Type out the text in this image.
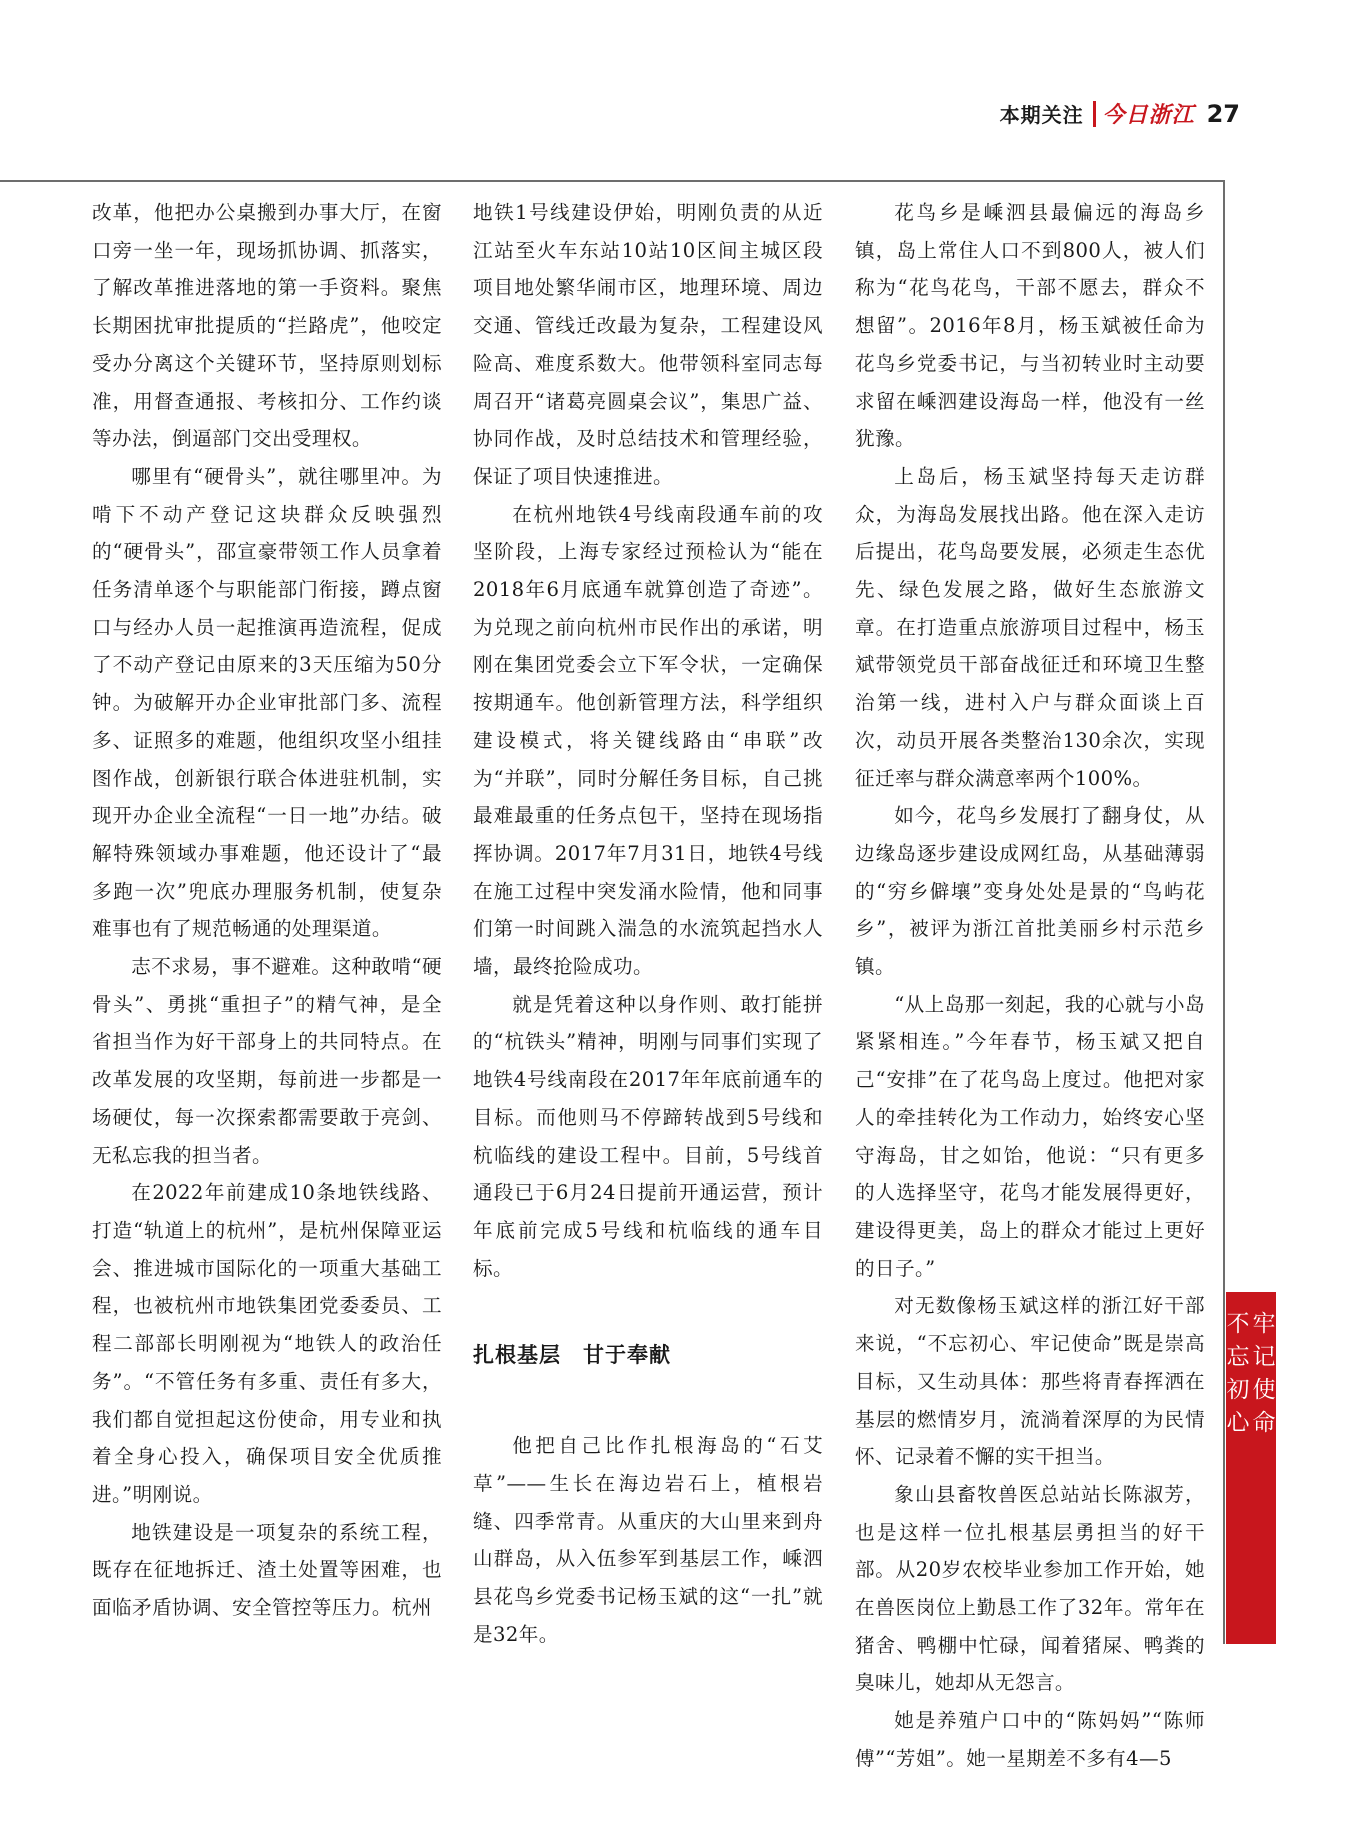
本期关注 今日浙江 27

改革，他把办公桌搬到办事大厅，在窗口旁一坐一年，现场抓协调、抓落实，了解改革推进落地的第一手资料。聚焦长期困扰审批提质的“拦路虎”，他咬定受办分离这个关键环节，坚持原则划标准，用督查通报、考核扣分、工作约谈等办法，倒逼部门交出受理权。

哪里有“硬骨头”，就往哪里冲。为啃下不动产登记这块群众反映强烈的“硬骨头”，邵宣豪带领工作人员拿着任务清单逐个与职能部门衔接，蹲点窗口与经办人员一起推演再造流程，促成了不动产登记由原来的3天压缩为50分钟。为破解开办企业审批部门多、流程多、证照多的难题，他组织攻坚小组挂图作战，创新银行联合体进驻机制，实现开办企业全流程“一日一地”办结。破解特殊领域办事难题，他还设计了“最多跑一次”兜底办理服务机制，使复杂难事也有了规范畅通的处理渠道。

志不求易，事不避难。这种敢啃“硬骨头”、勇挑“重担子”的精气神，是全省担当作为好干部身上的共同特点。在改革发展的攻坚期，每前进一步都是一场硬仗，每一次探索都需要敢于亮剑、无私忘我的担当者。

在2022年前建成10条地铁线路、打造“轨道上的杭州”，是杭州保障亚运会、推进城市国际化的一项重大基础工程，也被杭州市地铁集团党委委员、工程二部部长明刚视为“地铁人的政治任务”。“不管任务有多重、责任有多大，我们都自觉担起这份使命，用专业和执着全身心投入，确保项目安全优质推进。”明刚说。

地铁建设是一项复杂的系统工程，既存在征地拆迁、渣土处置等困难，也面临矛盾协调、安全管控等压力。杭州

地铁1号线建设伊始，明刚负责的从近江站至火车东站10站10区间主城区段项目地处繁华闹市区，地理环境、周边交通、管线迁改最为复杂，工程建设风险高、难度系数大。他带领科室同志每周召开“诸葛亮圆桌会议”，集思广益、协同作战，及时总结技术和管理经验，保证了项目快速推进。

在杭州地铁4号线南段通车前的攻坚阶段，上海专家经过预检认为“能在2018年6月底通车就算创造了奇迹”。为兑现之前向杭州市民作出的承诺，明刚在集团党委会立下军令状，一定确保按期通车。他创新管理方法，科学组织建设模式，将关键线路由“串联”改为“并联”，同时分解任务目标，自己挑最难最重的任务点包干，坚持在现场指挥协调。2017年7月31日，地铁4号线在施工过程中突发涌水险情，他和同事们第一时间跳入湍急的水流筑起挡水人墙，最终抢险成功。

就是凭着这种以身作则、敢打能拼的“杭铁头”精神，明刚与同事们实现了地铁4号线南段在2017年年底前通车的目标。而他则马不停蹄转战到5号线和杭临线的建设工程中。目前，5号线首通段已于6月24日提前开通运营，预计年底前完成5号线和杭临线的通车目标。

扎根基层 甘于奉献

他把自己比作扎根海岛的“石艾草”——生长在海边岩石上，植根岩缝、四季常青。从重庆的大山里来到舟山群岛，从入伍参军到基层工作，嵊泗县花鸟乡党委书记杨玉斌的这“一扎”就是32年。

花鸟乡是嵊泗县最偏远的海岛乡镇，岛上常住人口不到800人，被人们称为“花鸟花鸟，干部不愿去，群众不想留”。2016年8月，杨玉斌被任命为花鸟乡党委书记，与当初转业时主动要求留在嵊泗建设海岛一样，他没有一丝犹豫。

上岛后，杨玉斌坚持每天走访群众，为海岛发展找出路。他在深入走访后提出，花鸟岛要发展，必须走生态优先、绿色发展之路，做好生态旅游文章。在打造重点旅游项目过程中，杨玉斌带领党员干部奋战征迁和环境卫生整治第一线，进村入户与群众面谈上百次，动员开展各类整治130余次，实现征迁率与群众满意率两个100%。

如今，花鸟乡发展打了翻身仗，从边缘岛逐步建设成网红岛，从基础薄弱的“穷乡僻壤”变身处处是景的“鸟屿花乡”，被评为浙江首批美丽乡村示范乡镇。

“从上岛那一刻起，我的心就与小岛紧紧相连。”今年春节，杨玉斌又把自己“安排”在了花鸟岛上度过。他把对家人的牵挂转化为工作动力，始终安心坚守海岛，甘之如饴，他说：“只有更多的人选择坚守，花鸟才能发展得更好，建设得更美，岛上的群众才能过上更好的日子。”

对无数像杨玉斌这样的浙江好干部来说，“不忘初心、牢记使命”既是崇高目标，又生动具体：那些将青春挥洒在基层的燃情岁月，流淌着深厚的为民情怀、记录着不懈的实干担当。

象山县畜牧兽医总站站长陈淑芳，也是这样一位扎根基层勇担当的好干部。从20岁农校毕业参加工作开始，她在兽医岗位上勤恳工作了32年。常年在猪舍、鸭棚中忙碌，闻着猪屎、鸭粪的臭味儿，她却从无怨言。

她是养殖户口中的“陈妈妈”“陈师傅”“芳姐”。她一星期差不多有4—5

不忘初心
牢记使命
